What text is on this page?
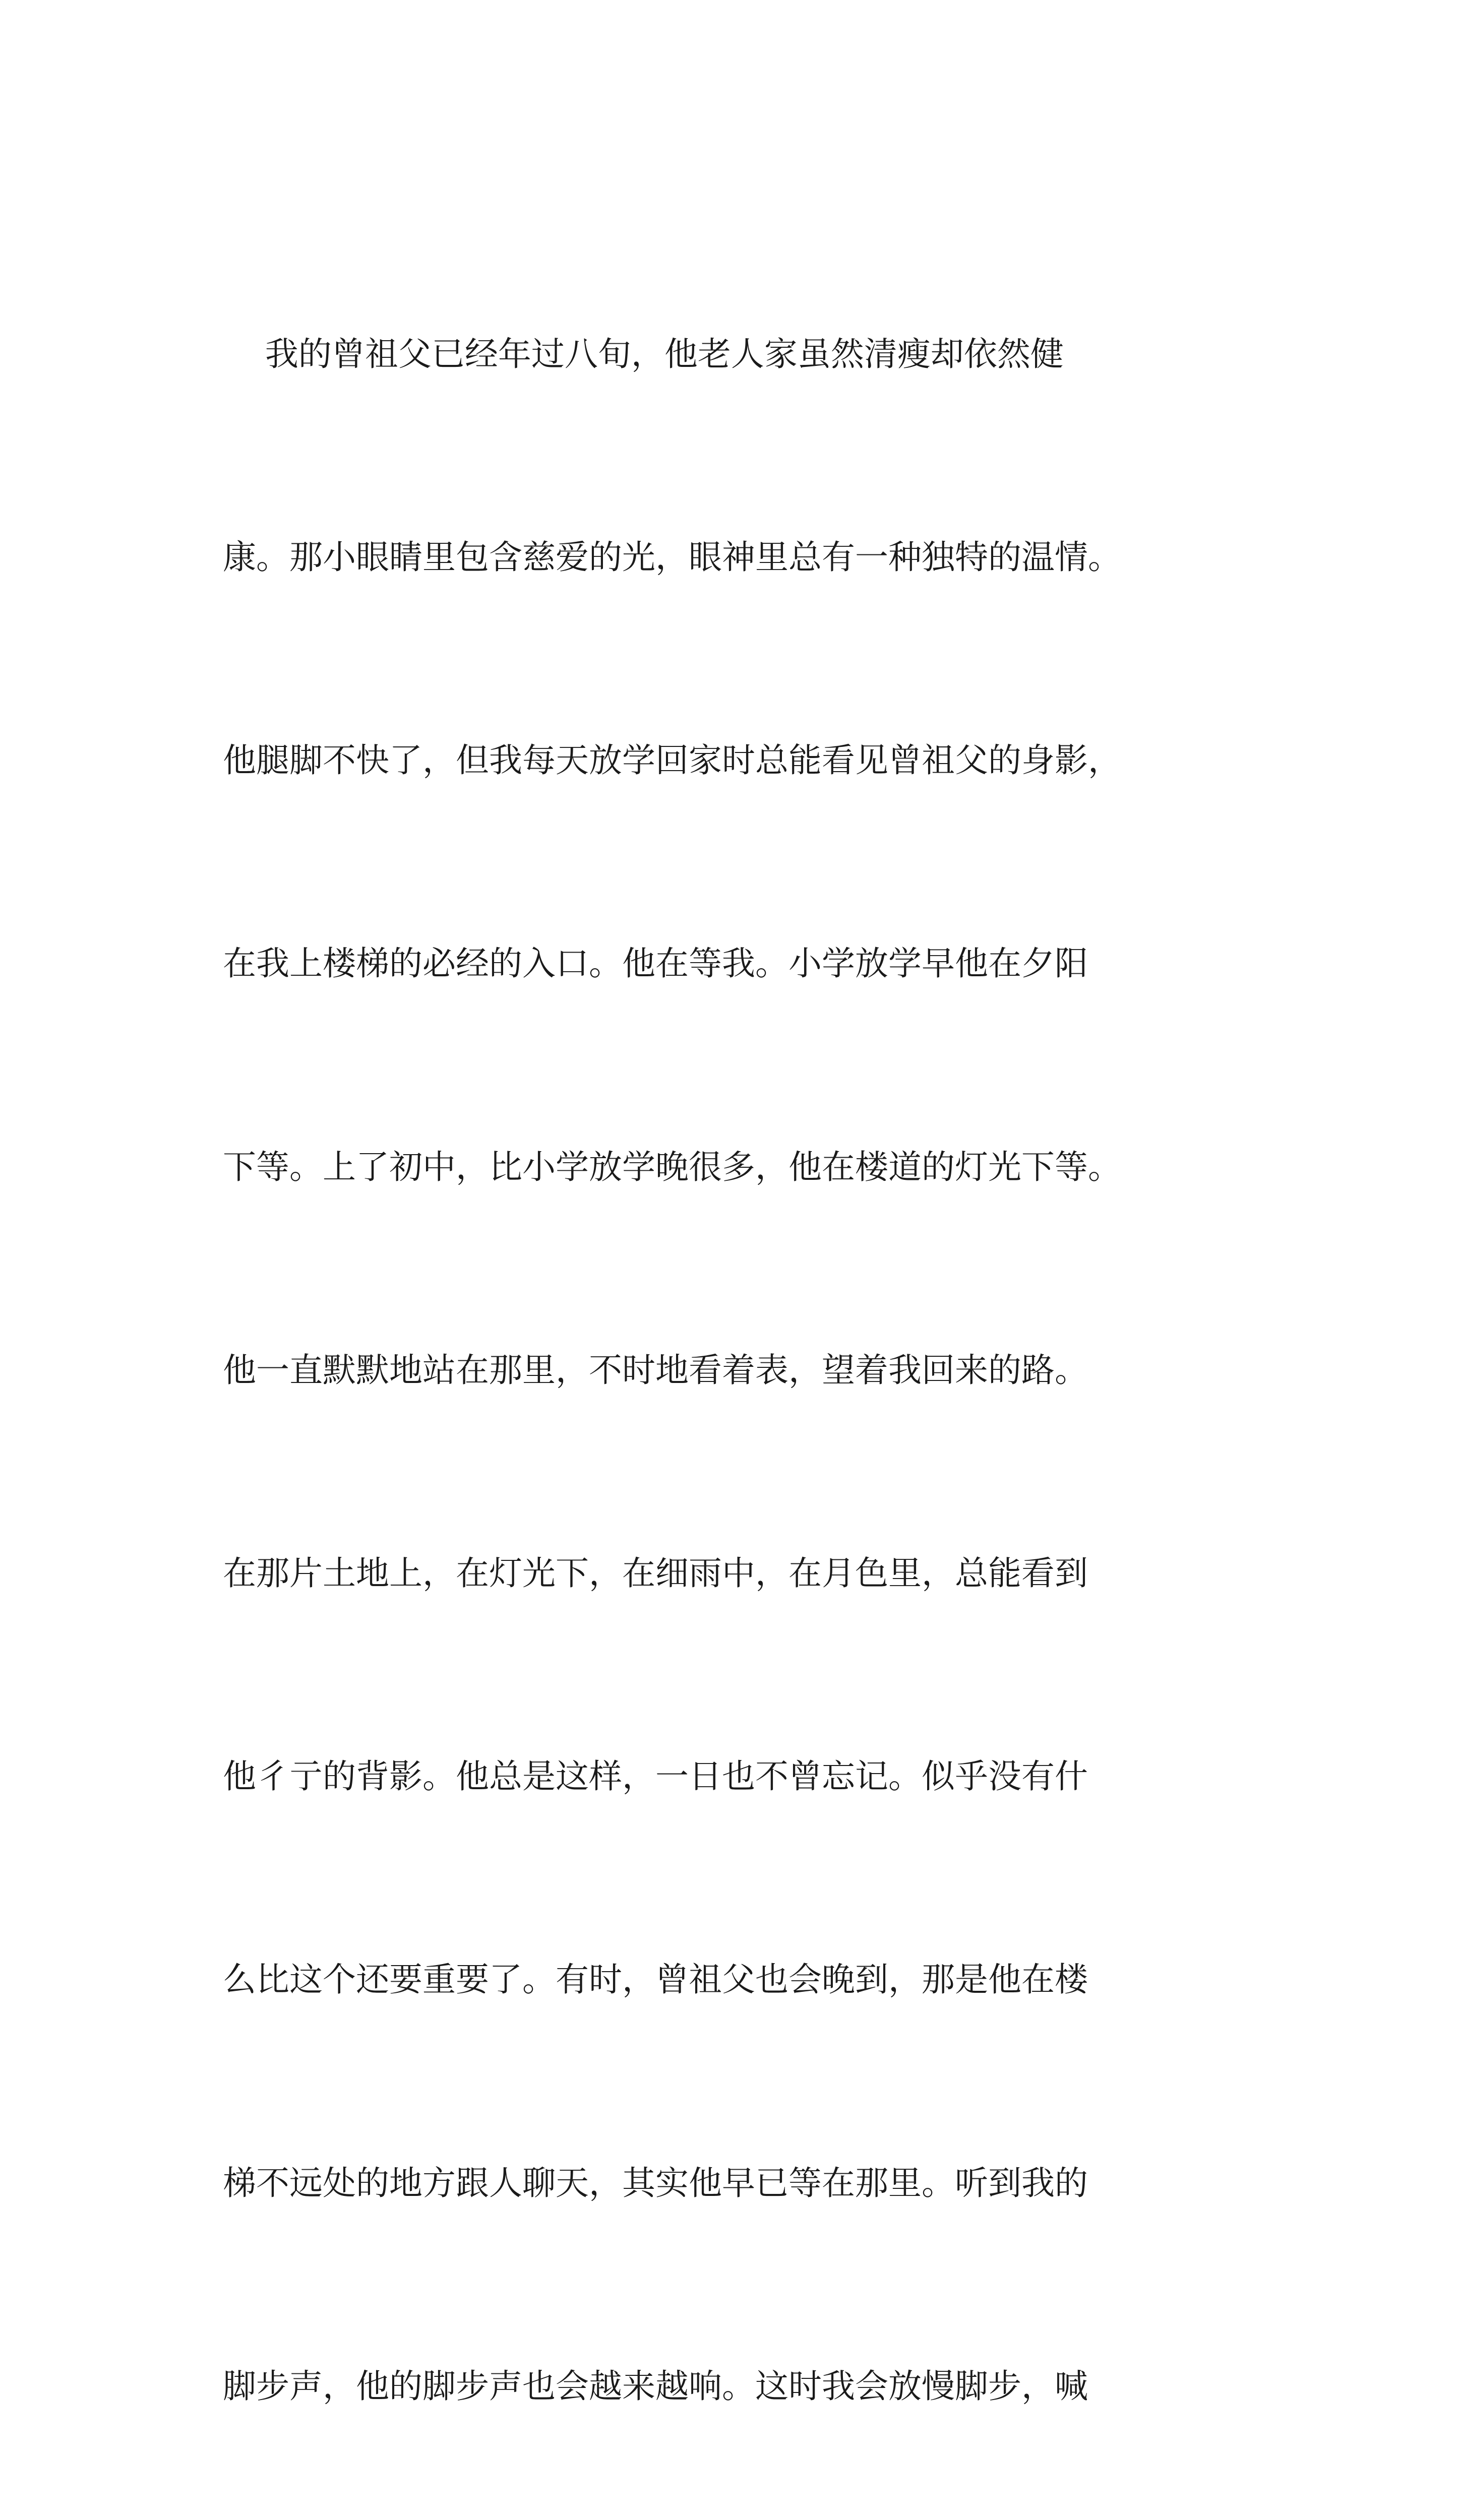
我的曾祖父已经年过八旬，他老人家虽然清瘦却依然健

康。那小眼睛里包含慈爱的光，眼神里总有一种独特的温情。

他腿脚不快了，但我每天放学回家时总能看见曾祖父的身影，

在我上楼梯的必经的入口。他在等我。小学放学早他在夕阳

下等。上了初中，比小学放学晚很多，他在楼道的灯光下等。

他一直默默地站在那里，不时地看着表，望着我回来的路。

在那片土地上，在灯光下，在细雨中，在月色里，总能看到

他彳亍的背影。他总是这样，一日也不曾忘记。似乎没有什

么比这个还要重要了。有时，曾祖父也会晚到，那是他在楼

梯不远处的地方跟人聊天，其实他早已等在那里。听到我的

脚步声，他的脚步声也会越来越响。这时我会放慢脚步，喊
